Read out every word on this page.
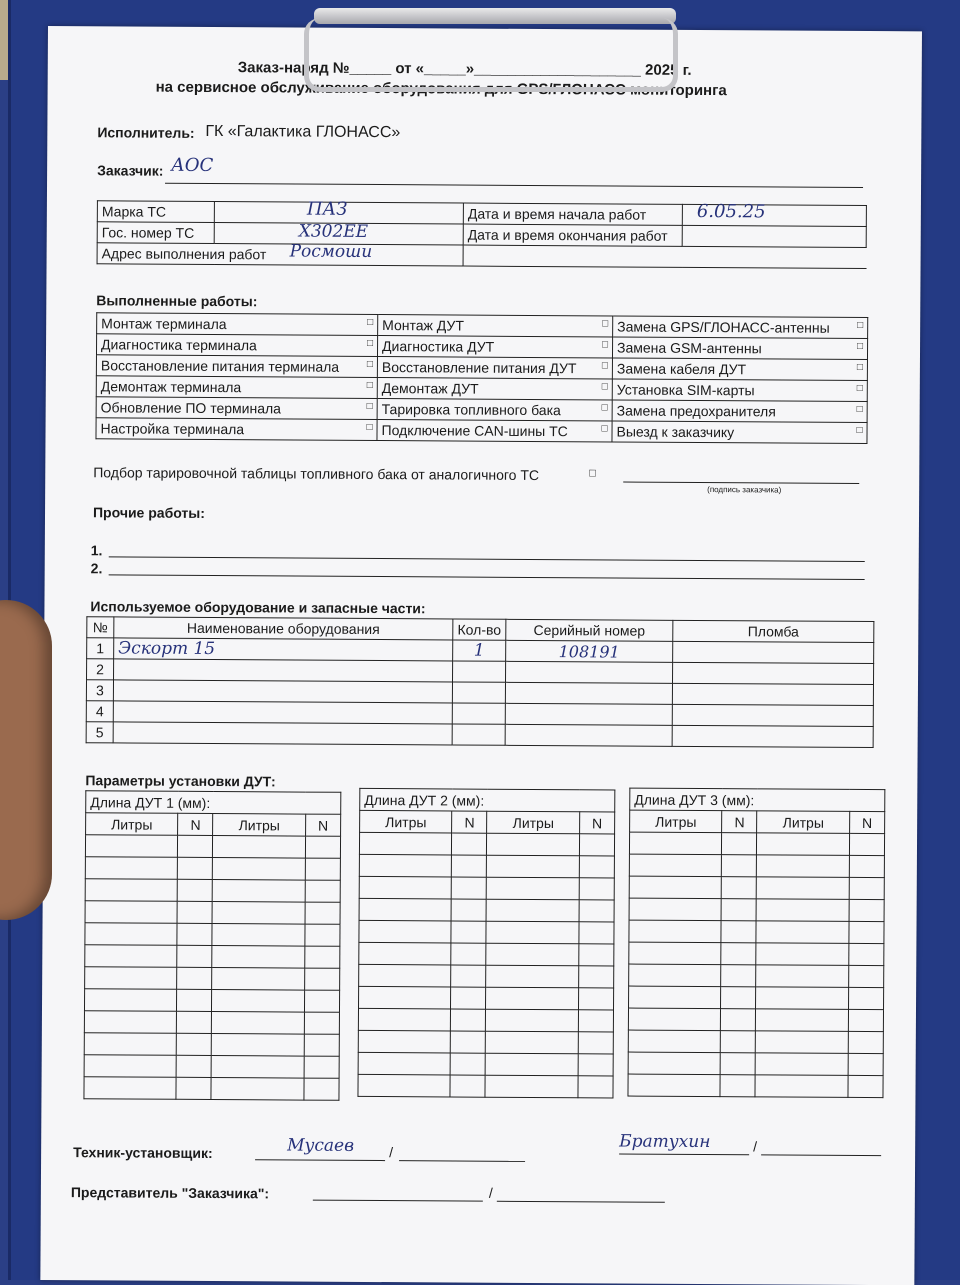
Заказ-наряд №_____ от «_____»____________________ 2025 г.
на сервисное обслуживание оборудования для GPS/ГЛОНАСС мониторинга
Исполнитель: ГК «Галактика ГЛОНАСС»
Заказчик: АОС
Марка ТС	ПАЗ	Дата и время начала работ	6.05.25

Гос. номер ТС	Х302ЕЕ	Дата и время окончания работ	
Адрес выполнения работ Росмоши			

Выполненные работы:
Монтаж терминала □	Монтаж ДУТ □	Замена GPS/ГЛОНАСС-антенны □

Диагностика терминала □	Диагностика ДУТ □	Замена GSM-антенны □

Восстановление питания терминала □	Восстановление питания ДУТ □	Замена кабеля ДУТ □

Демонтаж терминала □	Демонтаж ДУТ □	Установка SIM-карты □

Обновление ПО терминала □	Тарировка топливного бака □	Замена предохранителя □

Настройка терминала □	Подключение CAN-шины ТС □	Выезд к заказчику □
Подбор тарировочной таблицы топливного бака от аналогичного ТС	□
(подпись заказчика)
Прочие работы:
1.
2.
Используемое оборудование и запасные части:
№	Наименование оборудования	Кол-во	Серийный номер	Пломба
1	Эскорт 15	1	108191	
2				
3				
4				
5				
Параметры установки ДУТ:
Длина ДУТ 1 (мм):			
Литры	N	Литры	N

Длина ДУТ 2 (мм):			
Литры	N	Литры	N

Длина ДУТ 3 (мм):			
Литры	N	Литры	N

Техник-установщик:	Мусаев /
Братухин	/
Представитель "Заказчика":	/
